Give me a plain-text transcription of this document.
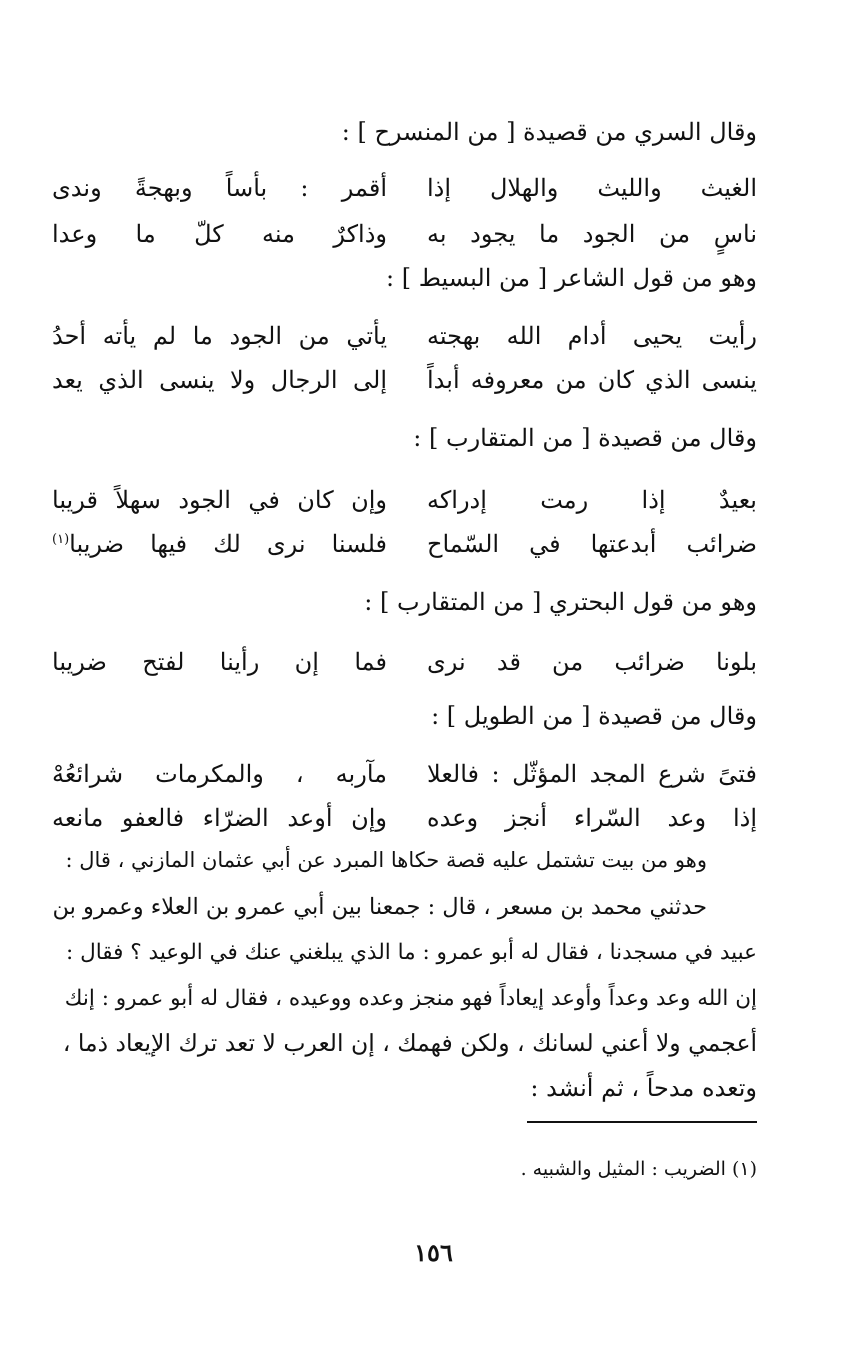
وقال السري من قصيدة [ من المنسرح ] :
الغيث والليث والهلال إذا
أقمر : بأساً وبهجةً وندى
ناسٍ من الجود ما يجود به
وذاكرٌ منه كلّ ما وعدا
وهو من قول الشاعر [ من البسيط ] :
رأيت يحيى أدام الله بهجته
يأتي من الجود ما لم يأته أحدُ
ينسى الذي كان من معروفه أبداً
إلى الرجال ولا ينسى الذي يعد
وقال من قصيدة [ من المتقارب ] :
بعيدٌ إذا رمت إدراكه
وإن كان في الجود سهلاً قريبا
ضرائب أبدعتها في السّماح
فلسنا نرى لك فيها ضريبا$^{(١)}$
وهو من قول البحتري [ من المتقارب ] :
بلونا ضرائب من قد نرى
فما إن رأينا لفتح ضريبا
وقال من قصيدة [ من الطويل ] :
فتىً شرع المجد المؤثّل : فالعلا
مآربه ، والمكرمات شرائعُهْ
إذا وعد السّراء أنجز وعده
وإن أوعد الضرّاء فالعفو مانعه
وهو من بيت تشتمل عليه قصة حكاها المبرد عن أبي عثمان المازني ، قال :
حدثني محمد بن مسعر ، قال : جمعنا بين أبي عمرو بن العلاء وعمرو بن
عبيد في مسجدنا ، فقال له أبو عمرو : ما الذي يبلغني عنك في الوعيد ؟ فقال :
إن الله وعد وعداً وأوعد إيعاداً فهو منجز وعده ووعيده ، فقال له أبو عمرو : إنك
أعجمي ولا أعني لسانك ، ولكن فهمك ، إن العرب لا تعد ترك الإيعاد ذما ،
وتعده مدحاً ، ثم أنشد :
(١) الضريب : المثيل والشبيه .
١٥٦
